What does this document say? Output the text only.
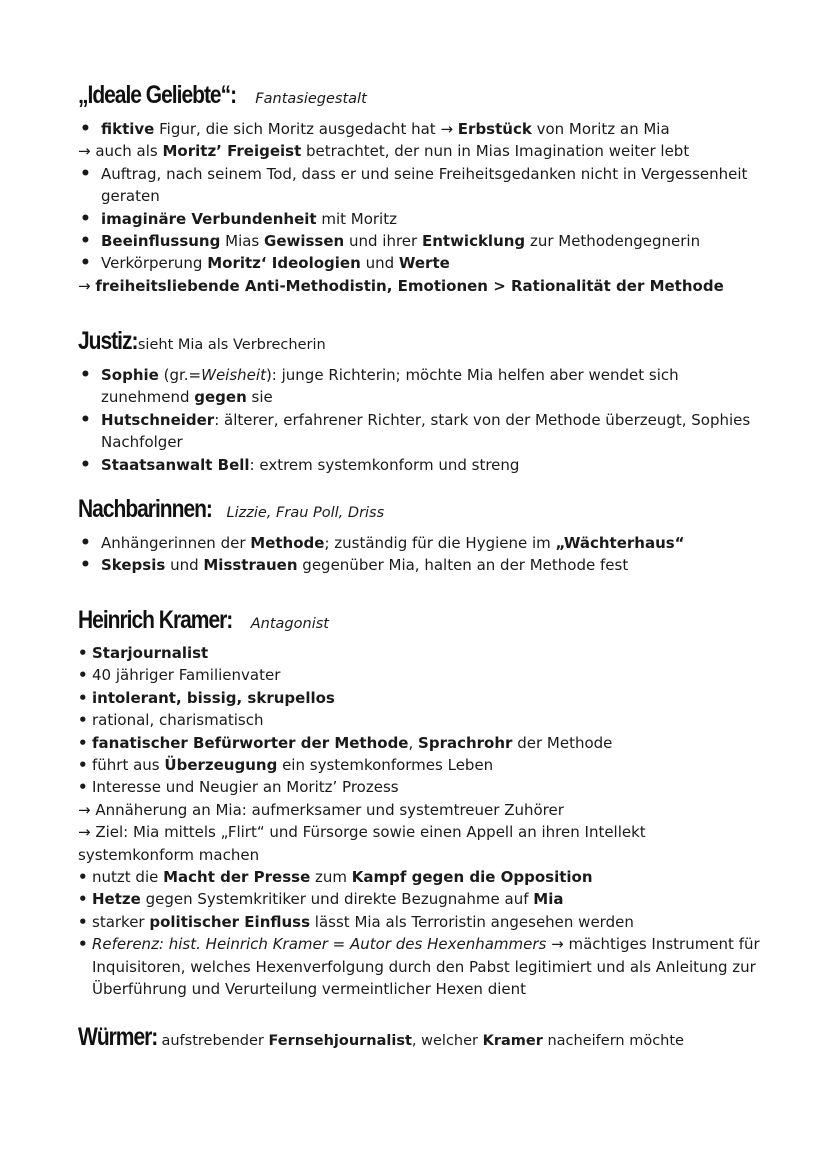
„Ideale Geliebte“: Fantasiegestalt
• fiktive Figur, die sich Moritz ausgedacht hat → Erbstück von Moritz an Mia
→ auch als Moritz’ Freigeist betrachtet, der nun in Mias Imagination weiter lebt
• Auftrag, nach seinem Tod, dass er und seine Freiheitsgedanken nicht in Vergessenheit
geraten
• imaginäre Verbundenheit mit Moritz
• Beeinflussung Mias Gewissen und ihrer Entwicklung zur Methodengegnerin
• Verkörperung Moritz‘ Ideologien und Werte
→ freiheitsliebende Anti-Methodistin, Emotionen > Rationalität der Methode
Justiz: sieht Mia als Verbrecherin
• Sophie (gr.=Weisheit): junge Richterin; möchte Mia helfen aber wendet sich
zunehmend gegen sie
• Hutschneider: älterer, erfahrener Richter, stark von der Methode überzeugt, Sophies
Nachfolger
• Staatsanwalt Bell: extrem systemkonform und streng
Nachbarinnen: Lizzie, Frau Poll, Driss
• Anhängerinnen der Methode; zuständig für die Hygiene im „Wächterhaus“
• Skepsis und Misstrauen gegenüber Mia, halten an der Methode fest
Heinrich Kramer: Antagonist
• Starjournalist
• 40 jähriger Familienvater
• intolerant, bissig, skrupellos
• rational, charismatisch
• fanatischer Befürworter der Methode, Sprachrohr der Methode
• führt aus Überzeugung ein systemkonformes Leben
• Interesse und Neugier an Moritz’ Prozess
→ Annäherung an Mia: aufmerksamer und systemtreuer Zuhörer
→ Ziel: Mia mittels „Flirt“ und Fürsorge sowie einen Appell an ihren Intellekt
systemkonform machen
• nutzt die Macht der Presse zum Kampf gegen die Opposition
• Hetze gegen Systemkritiker und direkte Bezugnahme auf Mia
• starker politischer Einfluss lässt Mia als Terroristin angesehen werden
• Referenz: hist. Heinrich Kramer = Autor des Hexenhammers → mächtiges Instrument für
Inquisitoren, welches Hexenverfolgung durch den Pabst legitimiert und als Anleitung zur
Überführung und Verurteilung vermeintlicher Hexen dient
Würmer: aufstrebender Fernsehjournalist, welcher Kramer nacheifern möchte
